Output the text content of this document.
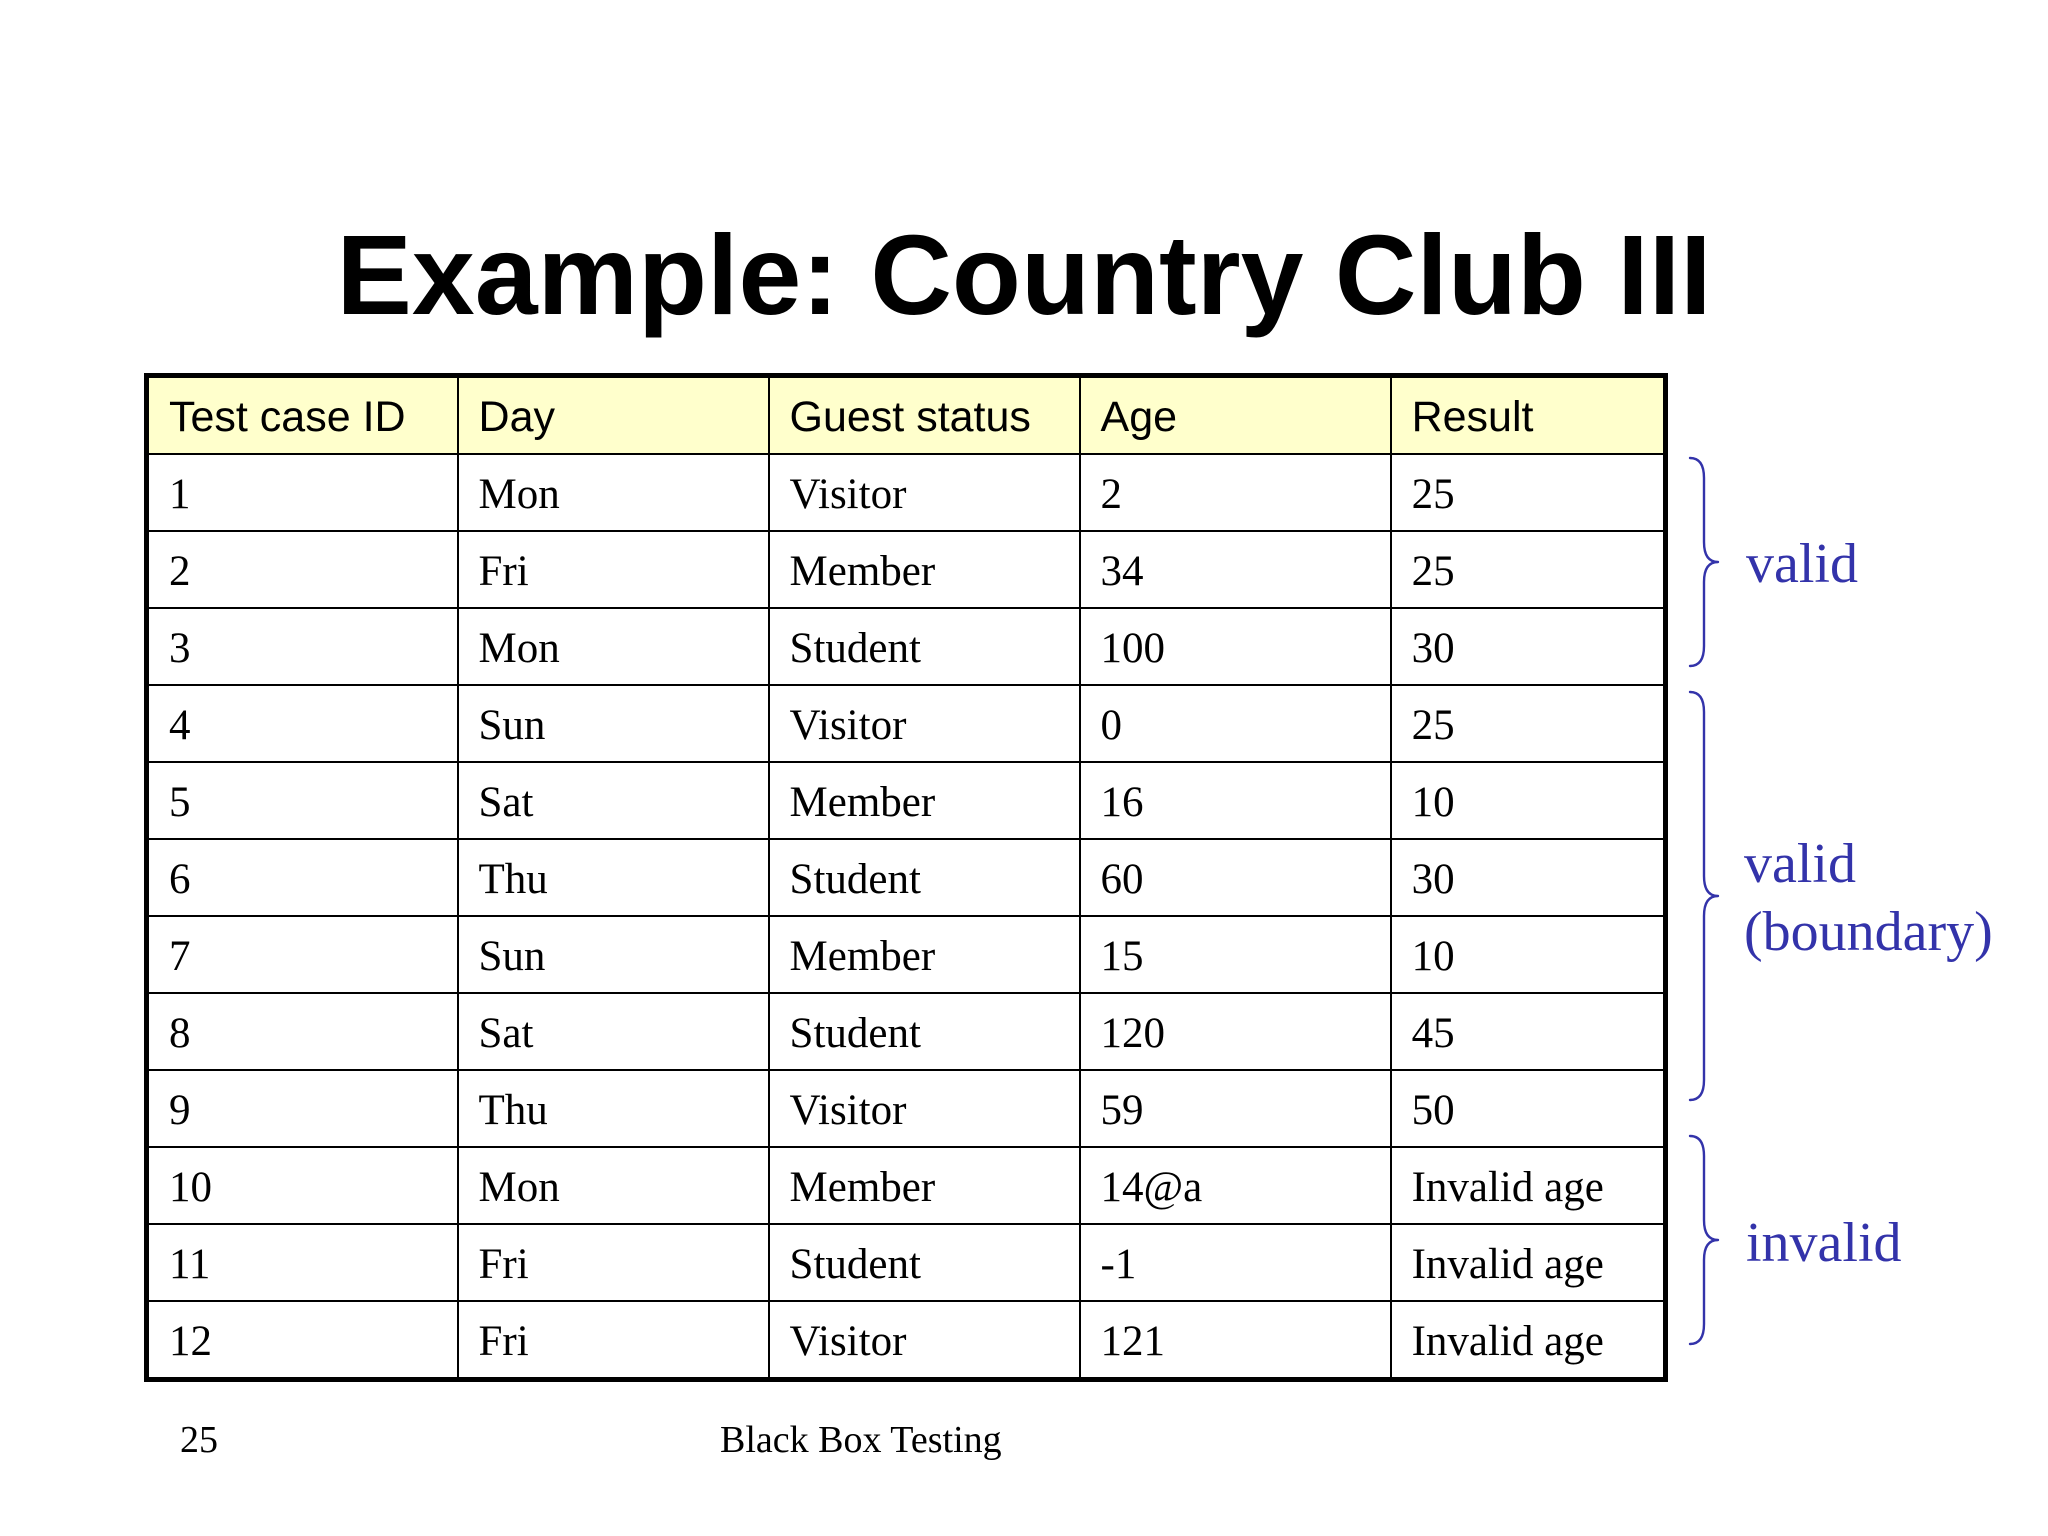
Example: Country Club III
Test case ID	Day	Guest status	Age	Result
1	Mon	Visitor	2	25
2	Fri	Member	34	25
3	Mon	Student	100	30
4	Sun	Visitor	0	25
5	Sat	Member	16	10
6	Thu	Student	60	30
7	Sun	Member	15	10
8	Sat	Student	120	45
9	Thu	Visitor	59	50
10	Mon	Member	14@a	Invalid age
11	Fri	Student	-1	Invalid age
12	Fri	Visitor	121	Invalid age
valid
valid
(boundary)
invalid
25	Black Box Testing
